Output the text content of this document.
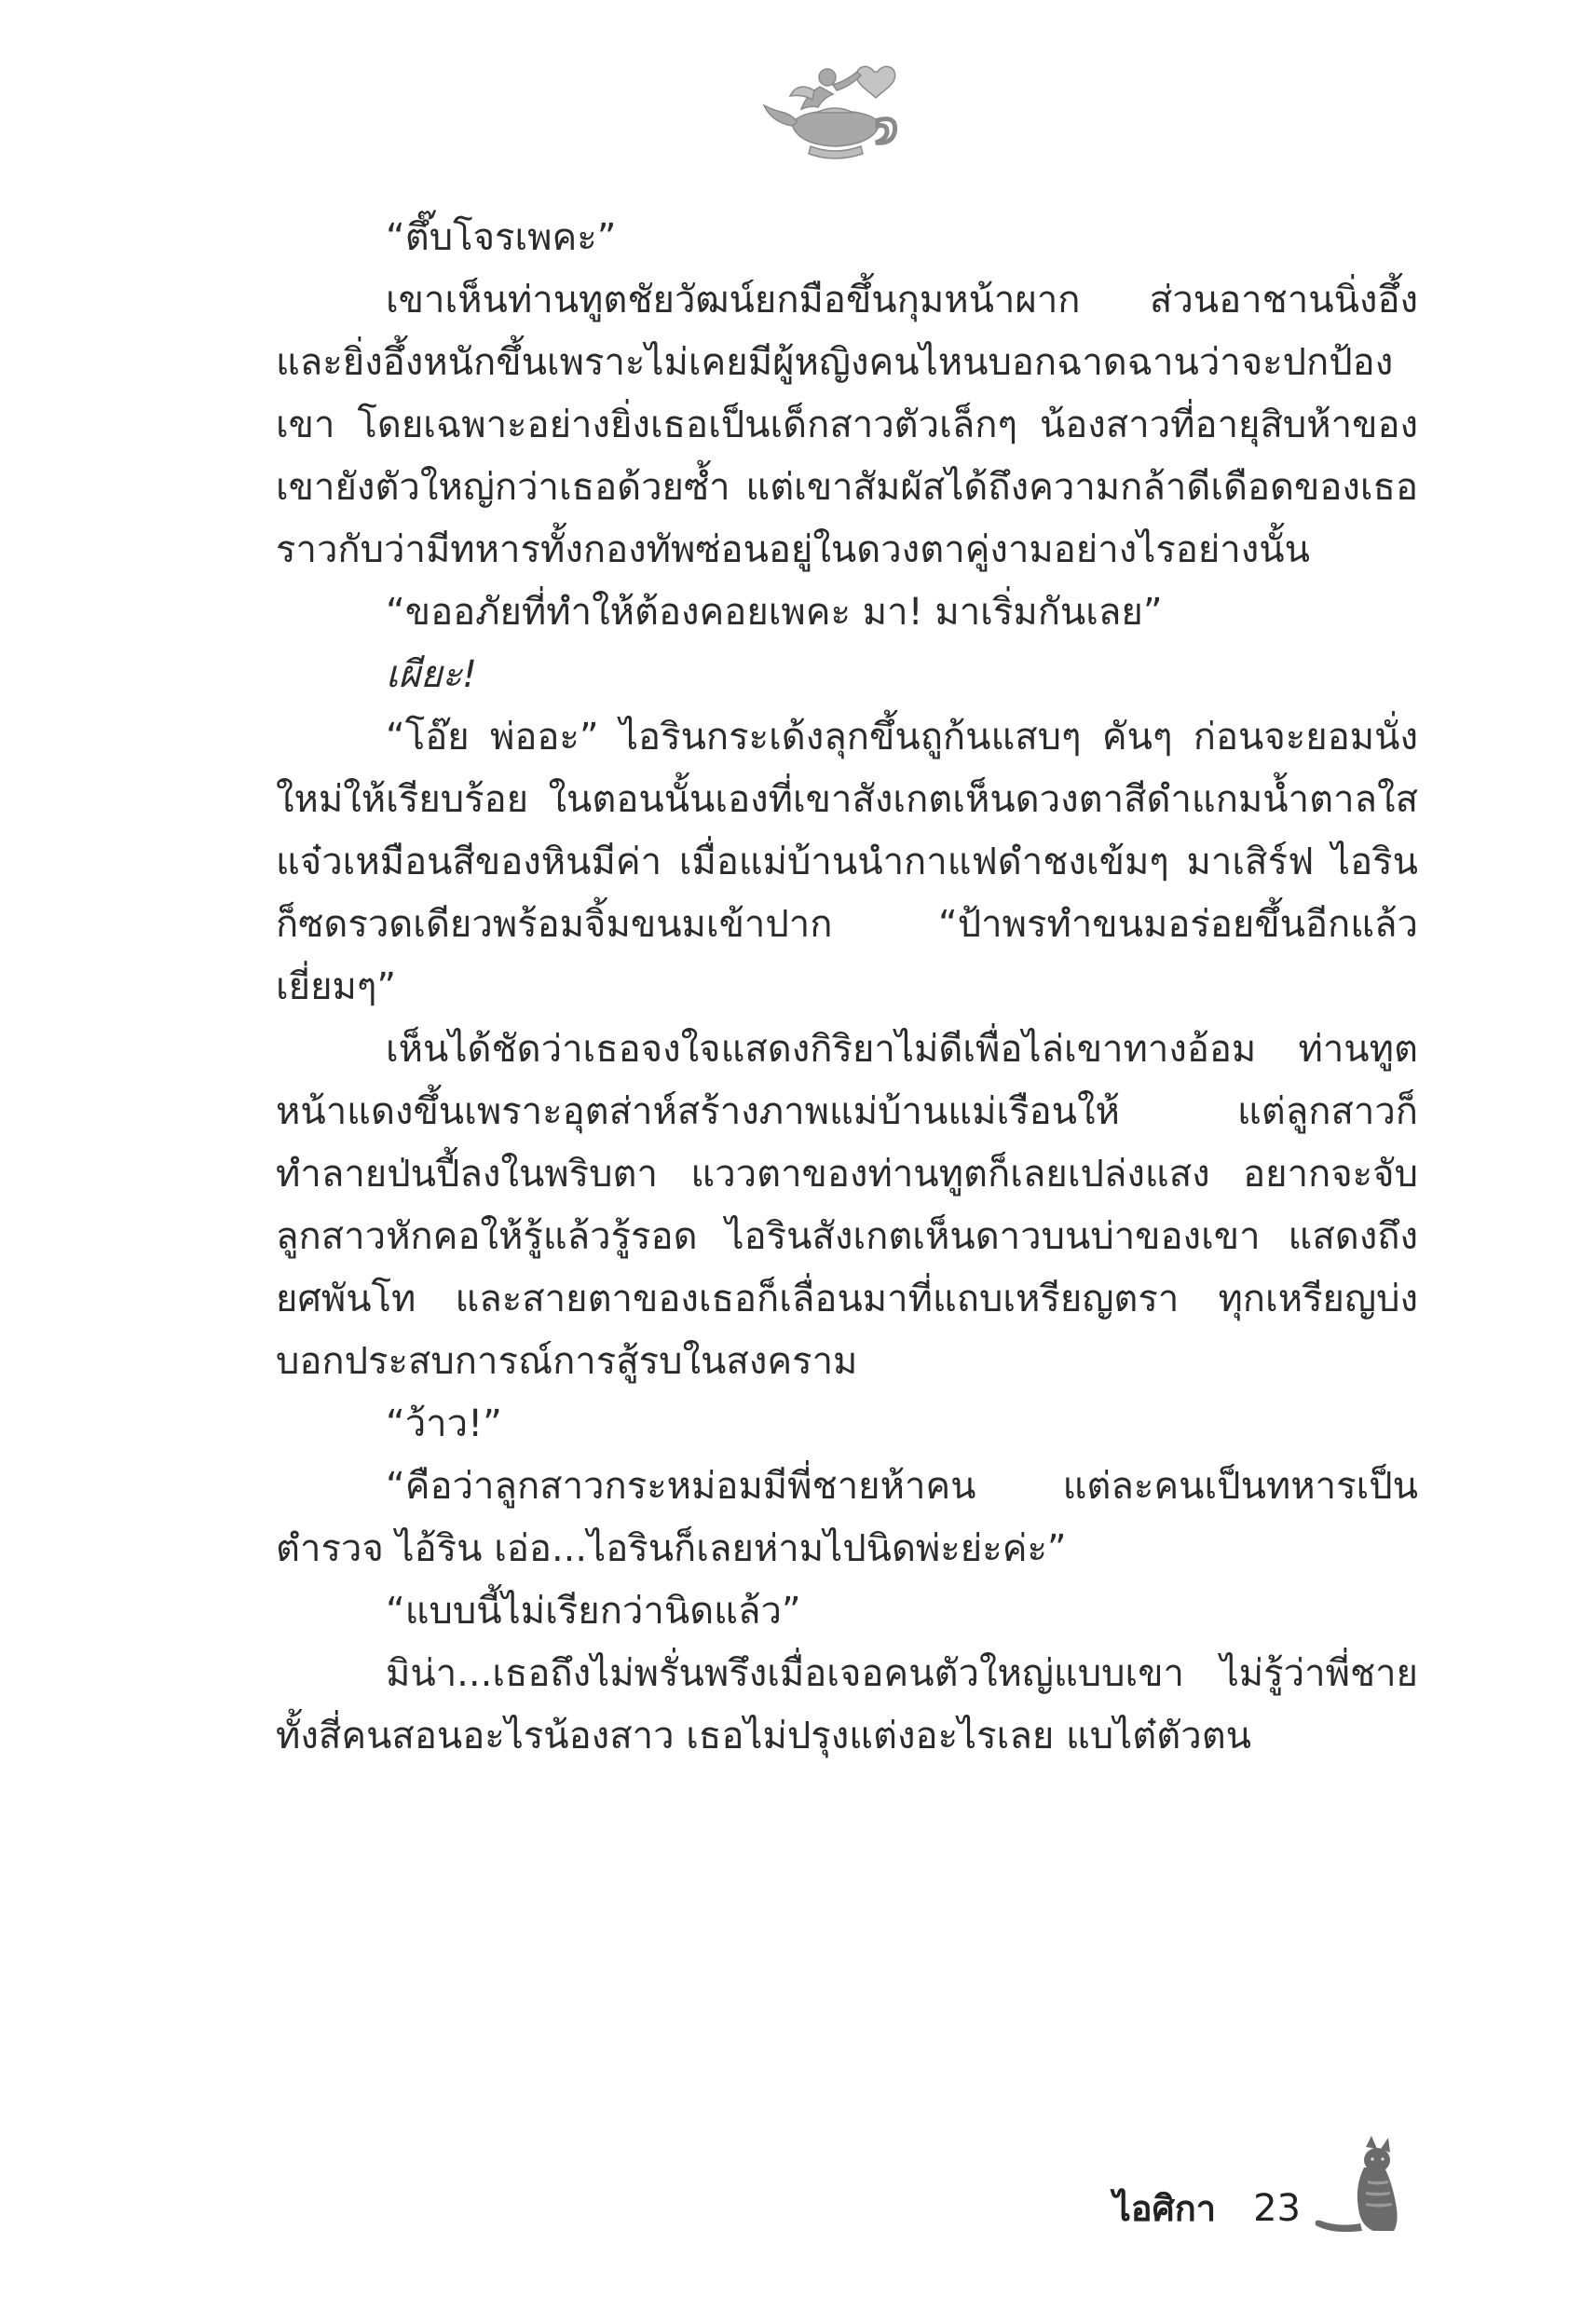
“ตึ๊บโจรเพคะ”

เขาเห็นท่านทูตชัยวัฒน์ยกมือขึ้นกุมหน้าผาก ส่วนอาชานนิ่งอึ้ง และยิ่งอึ้งหนักขึ้นเพราะไม่เคยมีผู้หญิงคนไหนบอกฉาดฉานว่าจะปกป้องเขา โดยเฉพาะอย่างยิ่งเธอเป็นเด็กสาวตัวเล็กๆ น้องสาวที่อายุสิบห้าของเขายังตัวใหญ่กว่าเธอด้วยซ้ำ แต่เขาสัมผัสได้ถึงความกล้าดีเดือดของเธอ ราวกับว่ามีทหารทั้งกองทัพซ่อนอยู่ในดวงตาคู่งามอย่างไรอย่างนั้น

“ขออภัยที่ทำให้ต้องคอยเพคะ มา! มาเริ่มกันเลย”

เผียะ!

“โอ๊ย พ่ออะ” ไอรินกระเด้งลุกขึ้นถูก้นแสบๆ คันๆ ก่อนจะยอมนั่งใหม่ให้เรียบร้อย ในตอนนั้นเองที่เขาสังเกตเห็นดวงตาสีดำแกมน้ำตาลใสแจ๋วเหมือนสีของหินมีค่า เมื่อแม่บ้านนำกาแฟดำชงเข้มๆ มาเสิร์ฟ ไอรินก็ซดรวดเดียวพร้อมจิ้มขนมเข้าปาก “ป้าพรทำขนมอร่อยขึ้นอีกแล้วเยี่ยมๆ”

เห็นได้ชัดว่าเธอจงใจแสดงกิริยาไม่ดีเพื่อไล่เขาทางอ้อม ท่านทูตหน้าแดงขึ้นเพราะอุตส่าห์สร้างภาพแม่บ้านแม่เรือนให้ แต่ลูกสาวก็ทำลายป่นปี้ลงในพริบตา แววตาของท่านทูตก็เลยเปล่งแสง อยากจะจับลูกสาวหักคอให้รู้แล้วรู้รอด ไอรินสังเกตเห็นดาวบนบ่าของเขา แสดงถึงยศพันโท และสายตาของเธอก็เลื่อนมาที่แถบเหรียญตรา ทุกเหรียญบ่งบอกประสบการณ์การสู้รบในสงคราม

“ว้าว!”

“คือว่าลูกสาวกระหม่อมมีพี่ชายห้าคน แต่ละคนเป็นทหารเป็นตำรวจ ไอ้ริน เอ่อ...ไอรินก็เลยห่ามไปนิดพ่ะย่ะค่ะ”

“แบบนี้ไม่เรียกว่านิดแล้ว”

มิน่า...เธอถึงไม่พรั่นพรึงเมื่อเจอคนตัวใหญ่แบบเขา ไม่รู้ว่าพี่ชายทั้งสี่คนสอนอะไรน้องสาว เธอไม่ปรุงแต่งอะไรเลย แบไต๋ตัวตน

ไอศิกา 23
